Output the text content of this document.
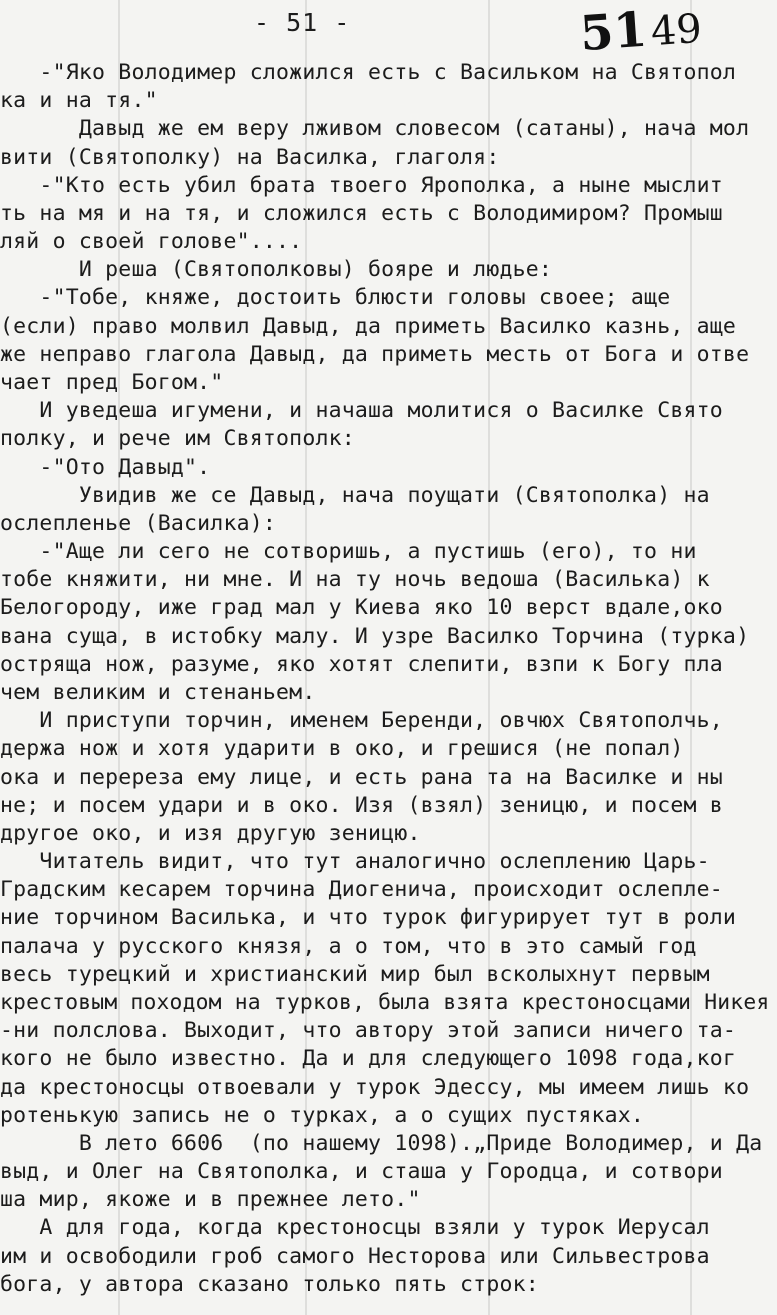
- 51 -	5149
-"Яко Володимер сложился есть с Васильком на Святопол
ка и на тя."
Давыд же ем веру лживом словесом (сатаны), нача мол
вити (Святополку) на Василка, глаголя:
-"Кто есть убил брата твоего Ярополка, а ныне мыслит
ть на мя и на тя, и сложился есть с Володимиром? Промыш
ляй о своей голове"....
И реша (Святополковы) бояре и людье:
-"Тобе, княже, достоить блюсти головы своее; аще
(если) право молвил Давыд, да приметь Василко казнь, аще
же неправо глагола Давыд, да приметь месть от Бога и отве
чает пред Богом."
И уведеша игумени, и начаша молитися о Василке Свято
полку, и рече им Святополк:
-"Ото Давыд".
Увидив же се Давыд, нача поущати (Святополка) на
ослепленье (Василка):
-"Аще ли сего не сотворишь, а пустишь (его), то ни
тобе княжити, ни мне. И на ту ночь ведоша (Василька) к
Белогороду, иже град мал у Киева яко 10 верст вдале,око
вана суща, в истобку малу. И узре Василко Торчина (турка)
остряща нож, разуме, яко хотят слепити, взпи к Богу пла
чем великим и стенаньем.
И приступи торчин, именем Беренди, овчюх Святополчь,
держа нож и хотя ударити в око, и грешися (не попал)
ока и перереза ему лице, и есть рана та на Василке и ны
не; и посем удари и в око. Изя (взял) зеницю, и посем в
другое око, и изя другую зеницю.
Читатель видит, что тут аналогично ослеплению Царь-
Градским кесарем торчина Диогенича, происходит ослепле-
ние торчином Василька, и что турок фигурирует тут в роли
палача у русского князя, а о том, что в это самый год
весь турецкий и христианский мир был всколыхнут первым
крестовым походом на турков, была взята крестоносцами Никея
-ни полслова. Выходит, что автору этой записи ничего та-
кого не было известно. Да и для следующего 1098 года,ког
да крестоносцы отвоевали у турок Эдессу, мы имеем лишь ко
ротенькую запись не о турках, а о сущих пустяках.
В лето 6606  (по нашему 1098).„Приде Володимер, и Да
выд, и Олег на Святополка, и сташа у Городца, и сотвори
ша мир, якоже и в прежнее лето."
А для года, когда крестоносцы взяли у турок Иерусал
им и освободили гроб самого Несторова или Сильвестрова
бога, у автора сказано только пять строк:
